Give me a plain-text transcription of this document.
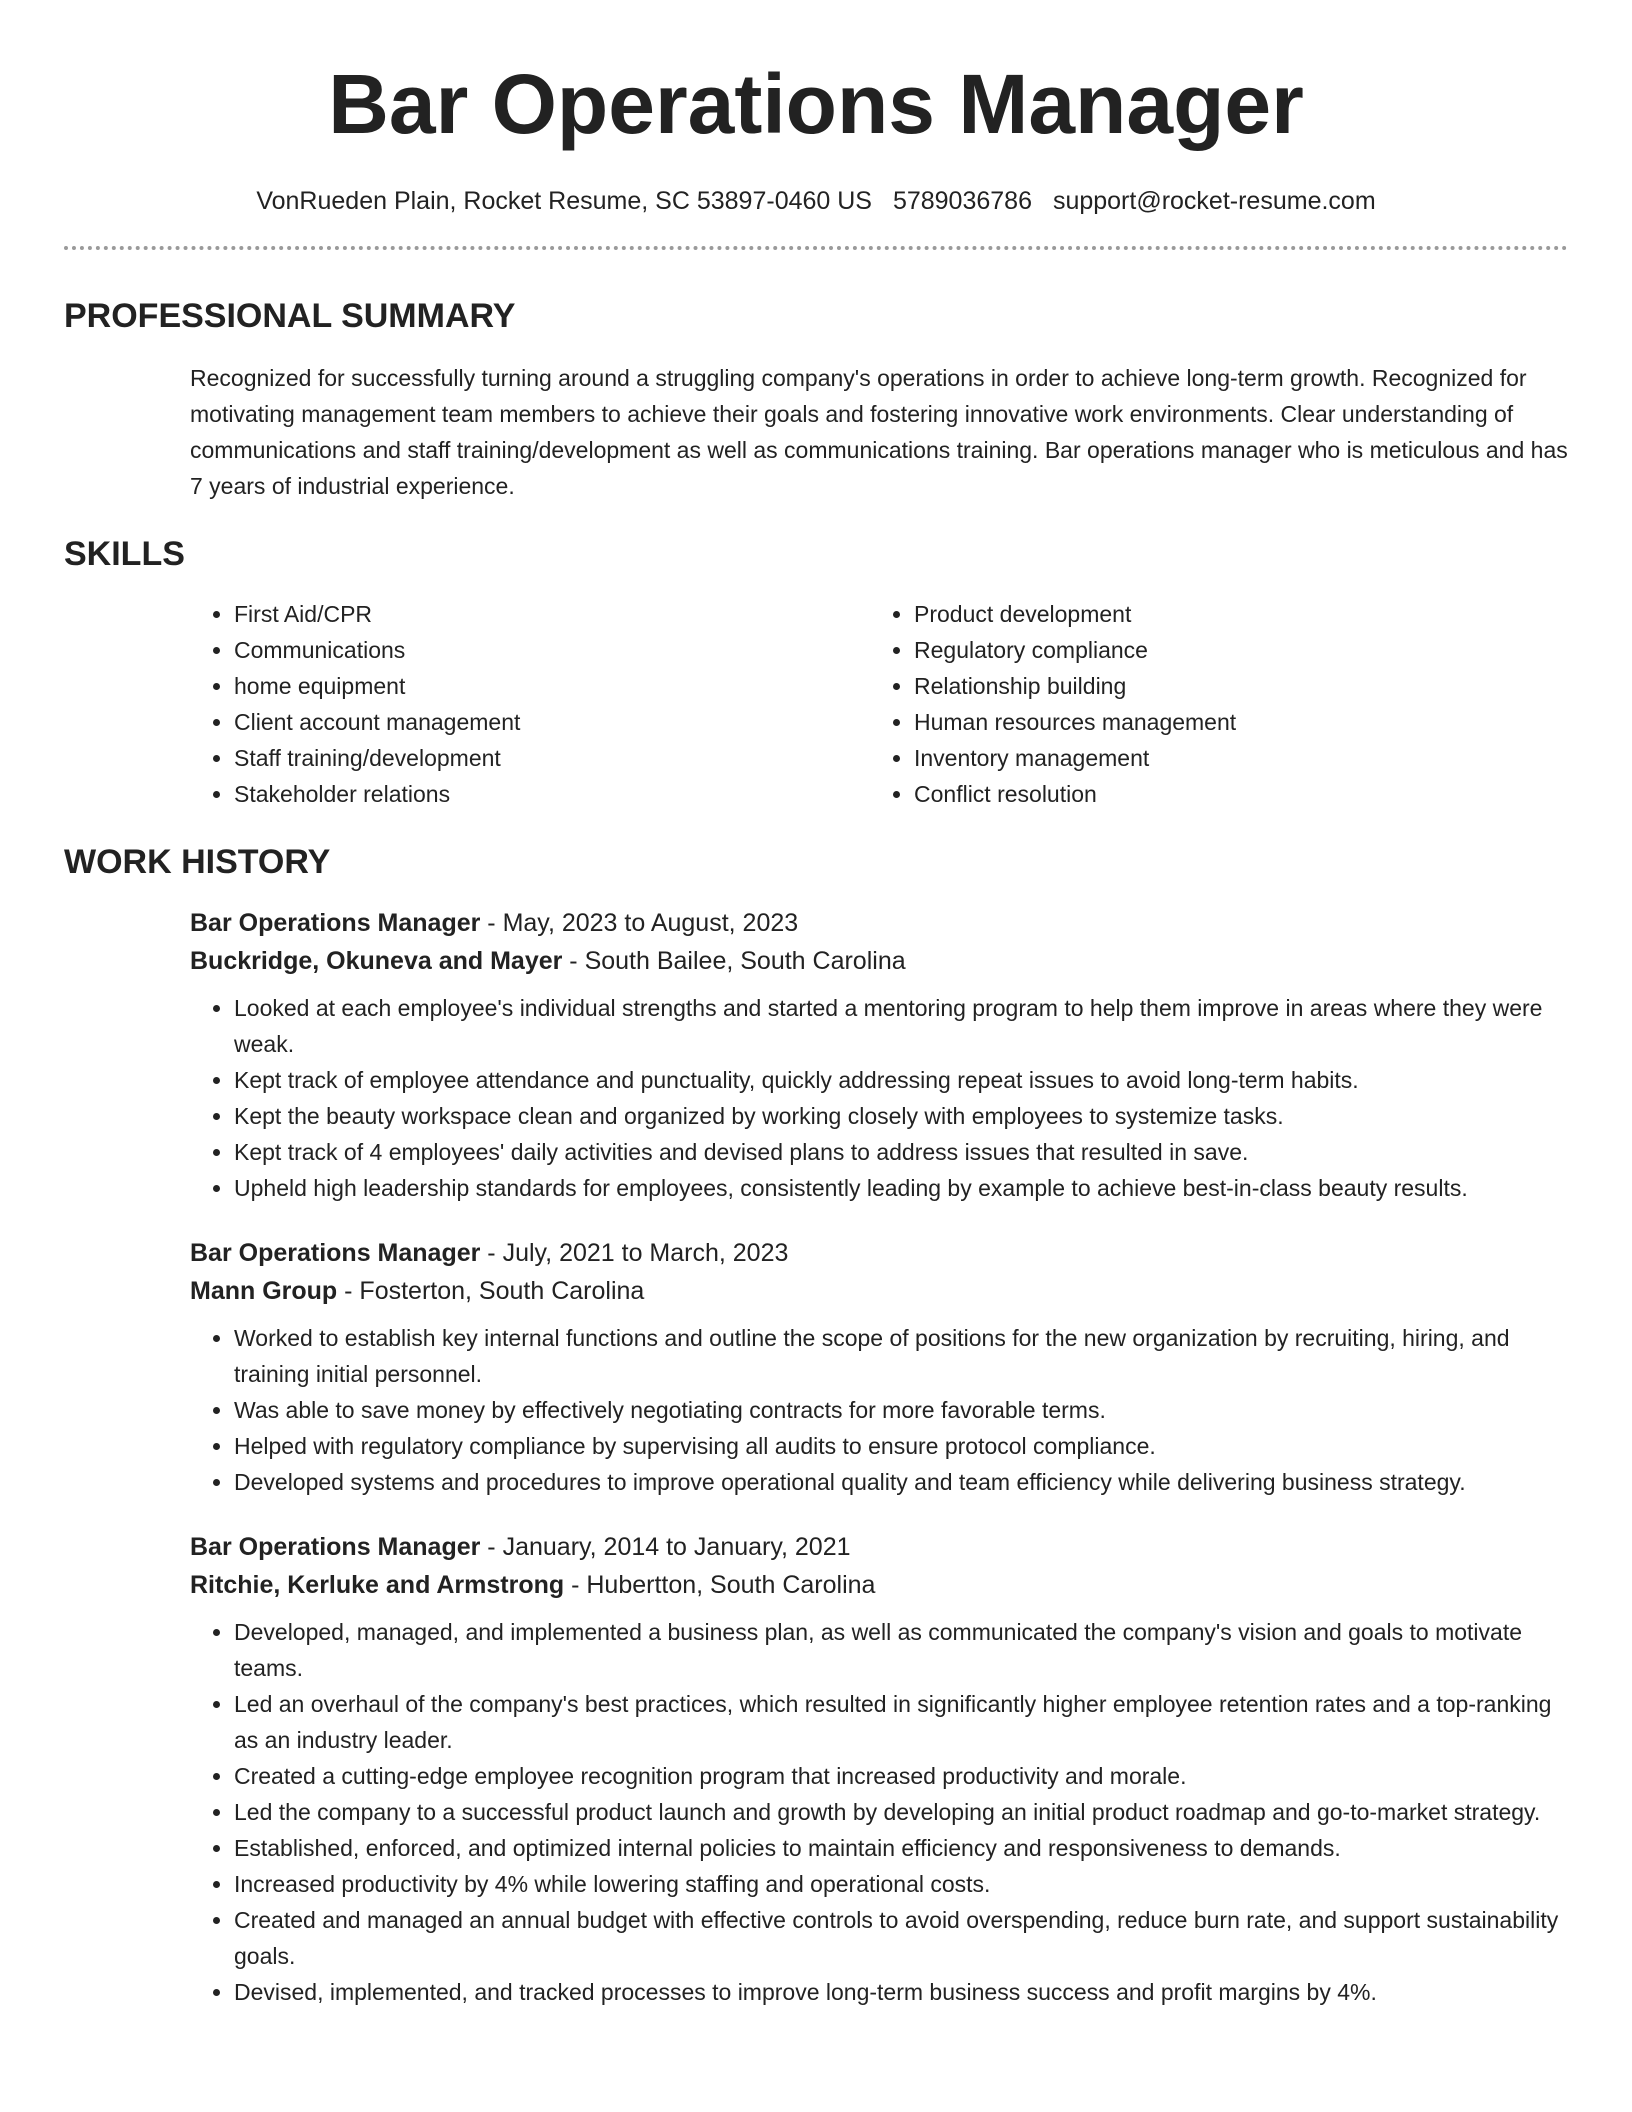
Bar Operations Manager
VonRueden Plain, Rocket Resume, SC 53897-0460 US 5789036786 support@rocket-resume.com
PROFESSIONAL SUMMARY

Recognized for successfully turning around a struggling company's operations in order to achieve long-term growth. Recognized for motivating management team members to achieve their goals and fostering innovative work environments. Clear understanding of communications and staff training/development as well as communications training. Bar operations manager who is meticulous and has 7 years of industrial experience.

SKILLS
• First Aid/CPR
• Communications
• home equipment
• Client account management
• Staff training/development
• Stakeholder relations
• Product development
• Regulatory compliance
• Relationship building
• Human resources management
• Inventory management
• Conflict resolution
WORK HISTORY
Bar Operations Manager - May, 2023 to August, 2023
Buckridge, Okuneva and Mayer - South Bailee, South Carolina
• Looked at each employee's individual strengths and started a mentoring program to help them improve in areas where they were weak.
• Kept track of employee attendance and punctuality, quickly addressing repeat issues to avoid long-term habits.
• Kept the beauty workspace clean and organized by working closely with employees to systemize tasks.
• Kept track of 4 employees' daily activities and devised plans to address issues that resulted in save.
• Upheld high leadership standards for employees, consistently leading by example to achieve best-in-class beauty results.
Bar Operations Manager - July, 2021 to March, 2023
Mann Group - Fosterton, South Carolina
• Worked to establish key internal functions and outline the scope of positions for the new organization by recruiting, hiring, and training initial personnel.
• Was able to save money by effectively negotiating contracts for more favorable terms.
• Helped with regulatory compliance by supervising all audits to ensure protocol compliance.
• Developed systems and procedures to improve operational quality and team efficiency while delivering business strategy.
Bar Operations Manager - January, 2014 to January, 2021
Ritchie, Kerluke and Armstrong - Hubertton, South Carolina
• Developed, managed, and implemented a business plan, as well as communicated the company's vision and goals to motivate teams.
• Led an overhaul of the company's best practices, which resulted in significantly higher employee retention rates and a top-ranking as an industry leader.
• Created a cutting-edge employee recognition program that increased productivity and morale.
• Led the company to a successful product launch and growth by developing an initial product roadmap and go-to-market strategy.
• Established, enforced, and optimized internal policies to maintain efficiency and responsiveness to demands.
• Increased productivity by 4% while lowering staffing and operational costs.
• Created and managed an annual budget with effective controls to avoid overspending, reduce burn rate, and support sustainability goals.
• Devised, implemented, and tracked processes to improve long-term business success and profit margins by 4%.
